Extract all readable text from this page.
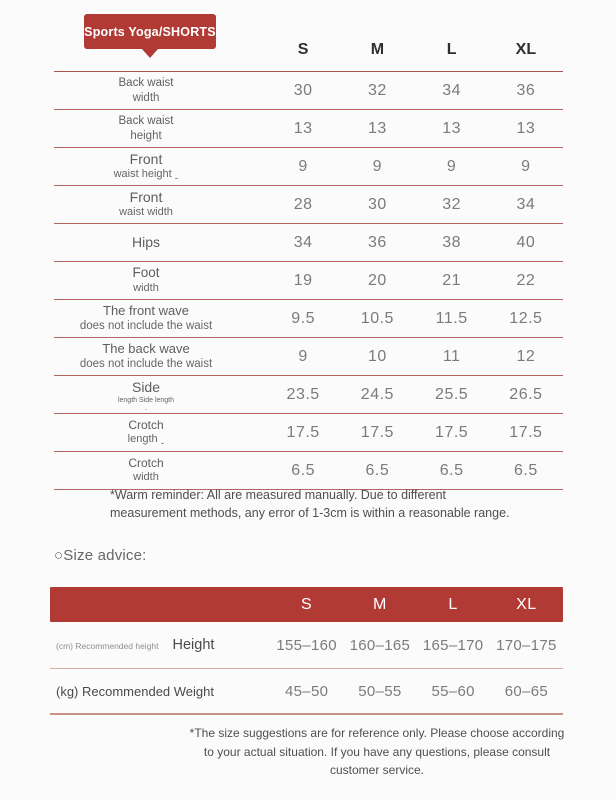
Sports Yoga/SHORTS
S	M	L	XL
Back waist
width	30	32	34	36
Back waist
height	13	13	13	13
Front
waist height ˍ	9	9	9	9
Front
waist width	28	30	32	34
Hips	34	36	38	40
Foot
width	19	20	21	22
The front wave
does not include the waist	9.5	10.5	11.5	12.5
The back wave
does not include the waist	9	10	11	12
Side
length Side length
ˍ
23.5	24.5	25.5	26.5
Crotch
length ˍ	17.5	17.5	17.5	17.5
Crotch
width	6.5	6.5	6.5	6.5
*Warm reminder: All are measured manually. Due to different measurement methods, any error of 1-3cm is within a reasonable range.
○Size advice:
S	M	L	XL
(cm) Recommended height Height	155–160 160–165 165–170 170–175
(kg) Recommended Weight	45–50	50–55	55–60	60–65
*The size suggestions are for reference only. Please choose according to your actual situation. If you have any questions, please consult customer service.
